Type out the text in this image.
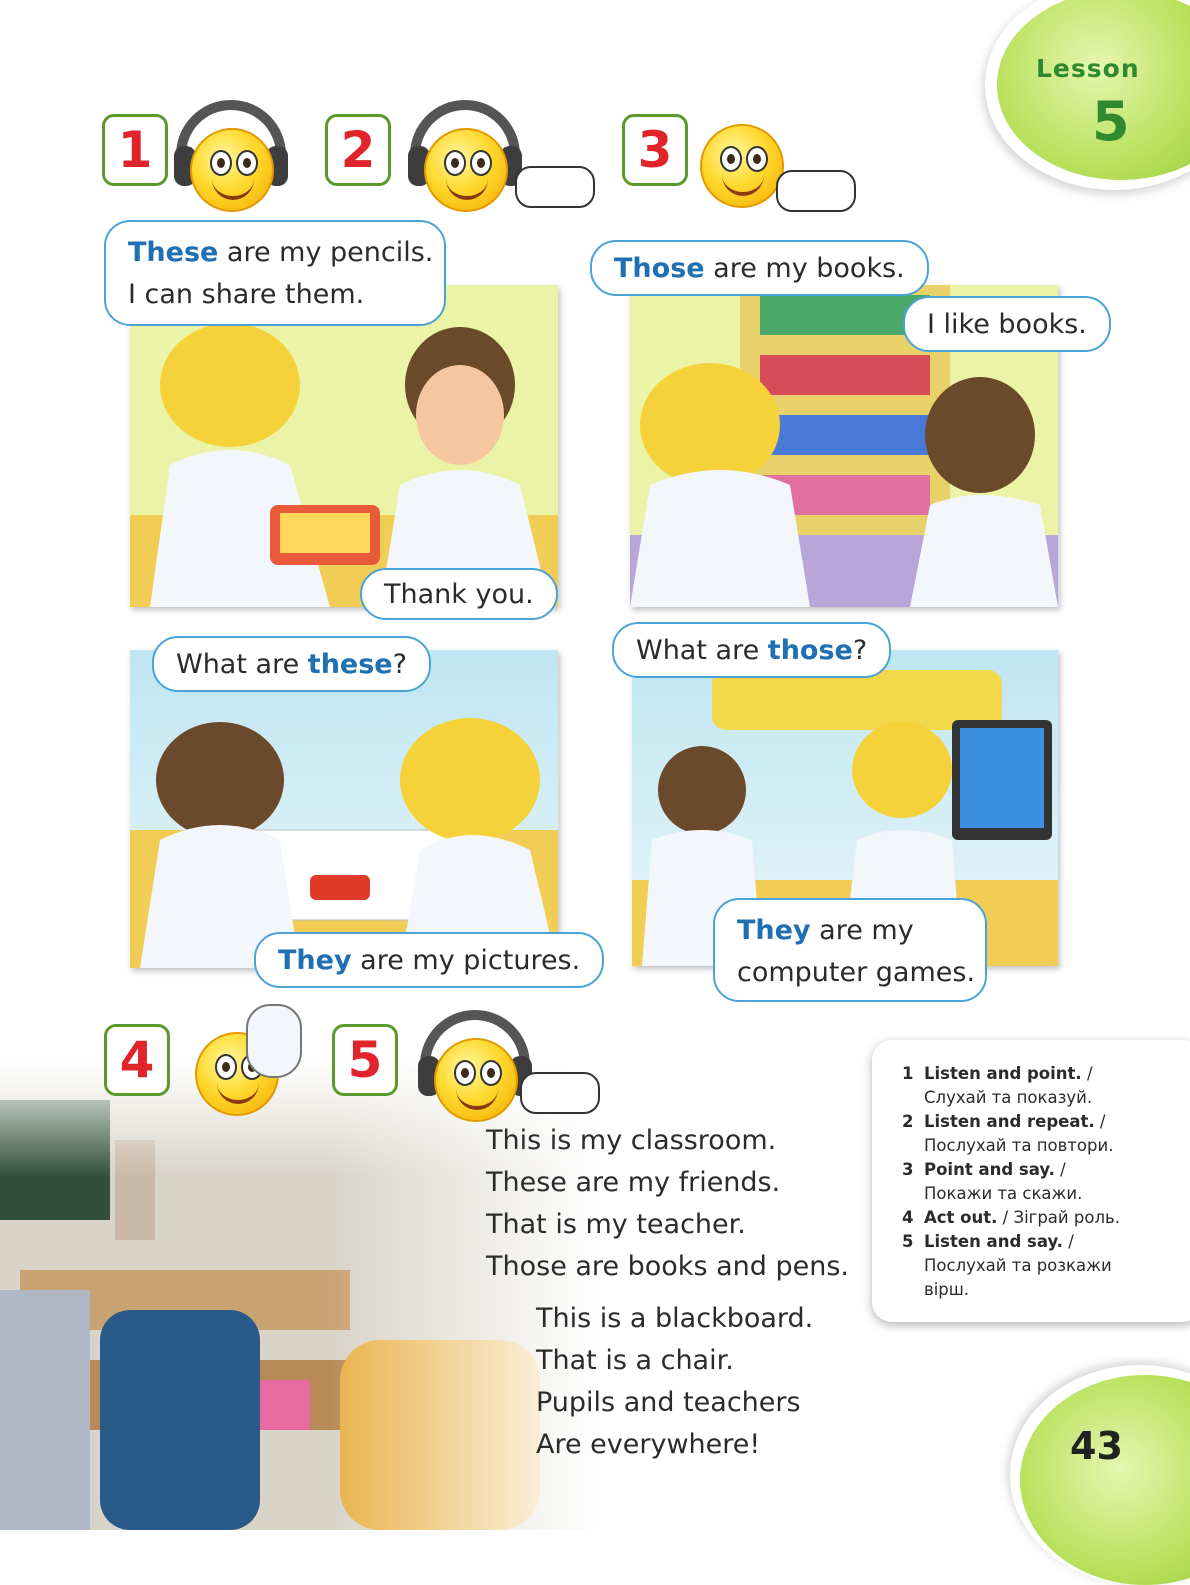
Lesson
5
1	2	3
These are my pencils.
I can share them.
Thank you.
Those are my books.
I like books.
What are these?
They are my pictures.
What are those?
They are my
computer games.
4	5
This is my classroom.
These are my friends.
That is my teacher.
Those are books and pens.
This is a blackboard.
That is a chair.
Pupils and teachers
Are everywhere!
1 Listen and point. /
Слухай та показуй.
2 Listen and repeat. /
Послухай та повтори.
3 Point and say. /
Покажи та скажи.
4 Act out. / Зіграй роль.
5 Listen and say. /
Послухай та розкажи вірш.
43
